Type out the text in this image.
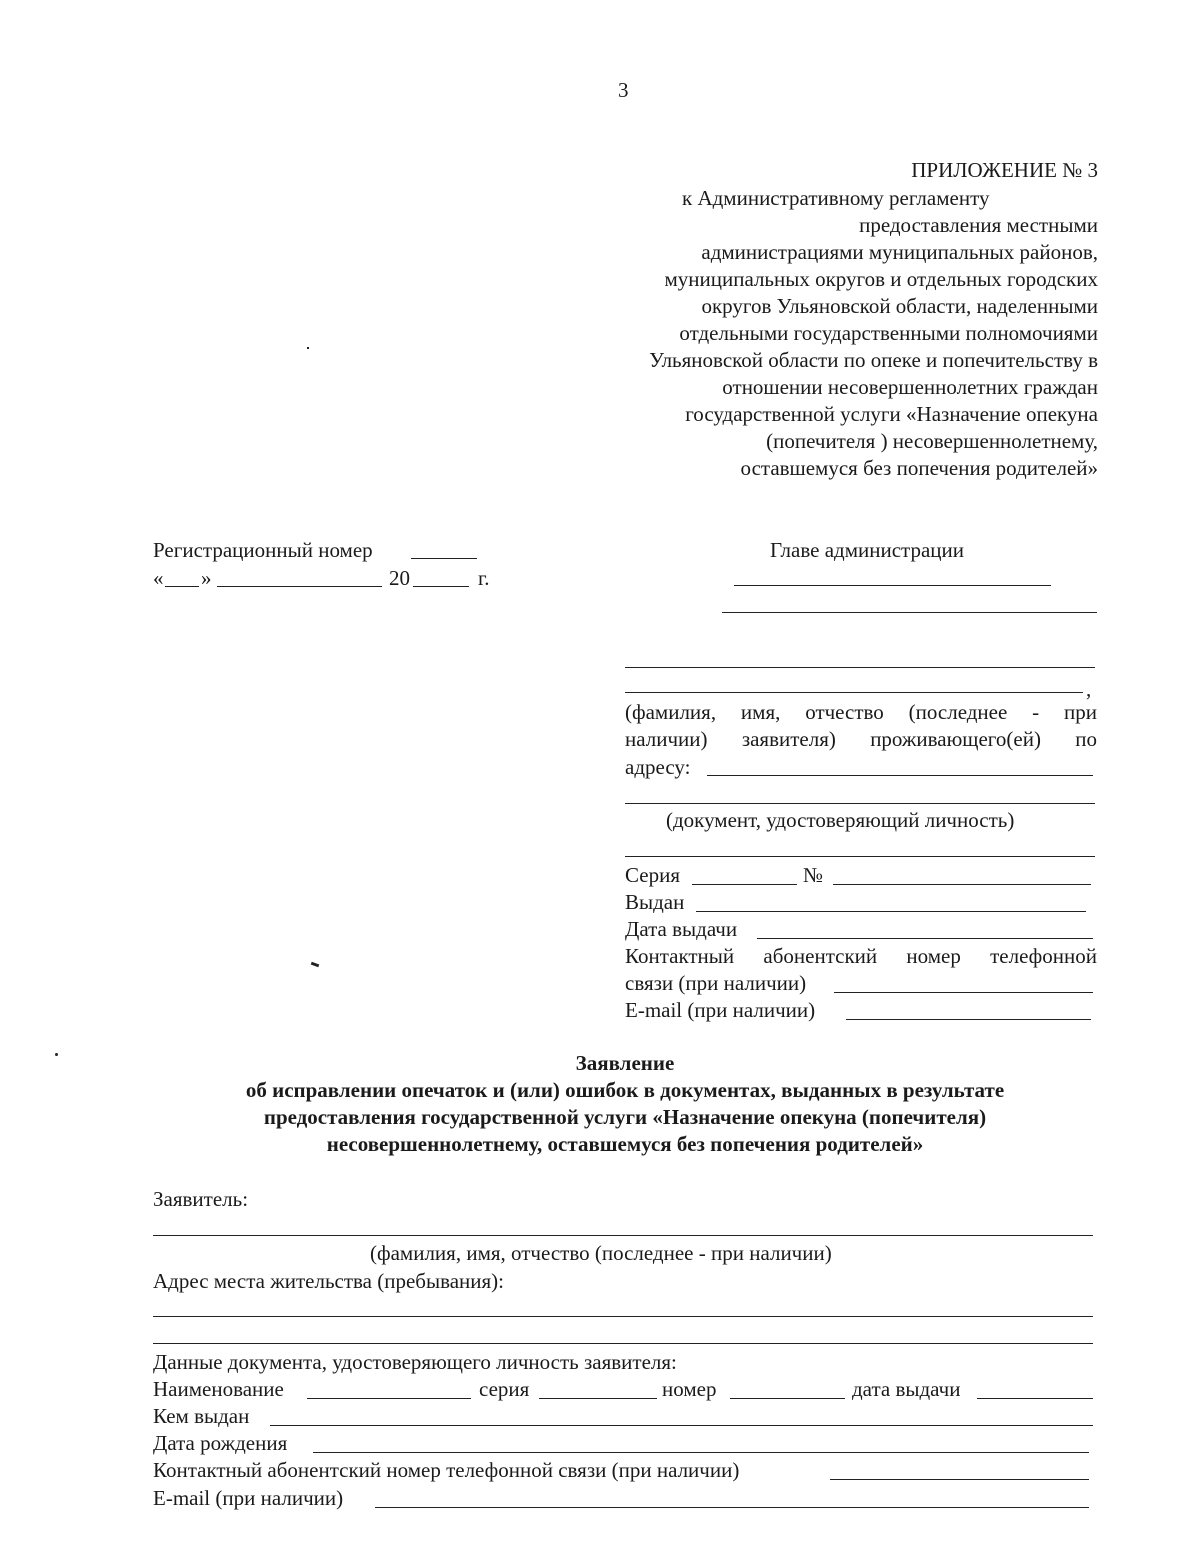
3
ПРИЛОЖЕНИЕ № 3
к Административному регламенту
предоставления местными
администрациями муниципальных районов,
муниципальных округов и отдельных городских
округов Ульяновской области, наделенными
отдельными государственными полномочиями
Ульяновской области по опеке и попечительству в
отношении несовершеннолетних граждан
государственной услуги «Назначение опекуна
(попечителя ) несовершеннолетнему,
оставшемуся без попечения родителей»
Регистрационный номер
« »	20	г.
Главе администрации
,
(фамилия, имя, отчество (последнее - при
наличии) заявителя) проживающего(ей) по
адресу:
(документ, удостоверяющий личность)
Серия	№
Выдан
Дата выдачи
Контактный абонентский номер телефонной
связи (при наличии)
E-mail (при наличии)
Заявление
об исправлении опечаток и (или) ошибок в документах, выданных в результате
предоставления государственной услуги «Назначение опекуна (попечителя)
несовершеннолетнему, оставшемуся без попечения родителей»
Заявитель:
(фамилия, имя, отчество (последнее - при наличии)
Адрес места жительства (пребывания):
Данные документа, удостоверяющего личность заявителя:
Наименование	серия	номер	дата выдачи
Кем выдан
Дата рождения
Контактный абонентский номер телефонной связи (при наличии)
E-mail (при наличии)
